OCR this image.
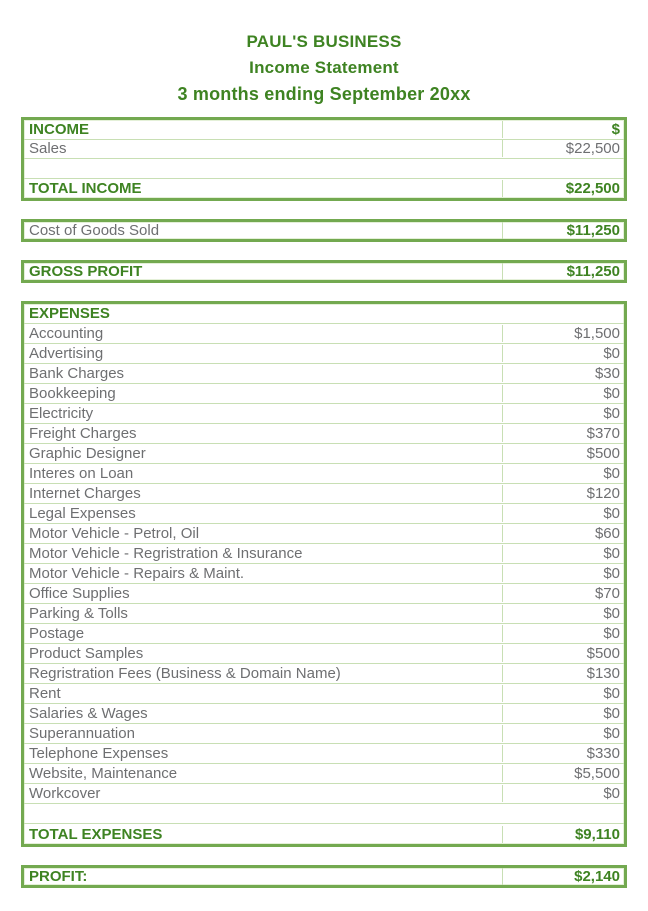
PAUL'S BUSINESS
Income Statement
3 months ending September 20xx
INCOME	$
Sales	$22,500
TOTAL INCOME	$22,500
Cost of Goods Sold	$11,250
GROSS PROFIT	$11,250
EXPENSES
Accounting	$1,500
Advertising	$0
Bank Charges	$30
Bookkeeping	$0
Electricity	$0
Freight Charges	$370
Graphic Designer	$500
Interes on Loan	$0
Internet Charges	$120
Legal Expenses	$0
Motor Vehicle - Petrol, Oil	$60
Motor Vehicle - Regristration & Insurance	$0
Motor Vehicle - Repairs & Maint.	$0
Office Supplies	$70
Parking & Tolls	$0
Postage	$0
Product Samples	$500
Regristration Fees (Business & Domain Name)	$130
Rent	$0
Salaries & Wages	$0
Superannuation	$0
Telephone Expenses	$330
Website, Maintenance	$5,500
Workcover	$0
TOTAL EXPENSES	$9,110
PROFIT:	$2,140
